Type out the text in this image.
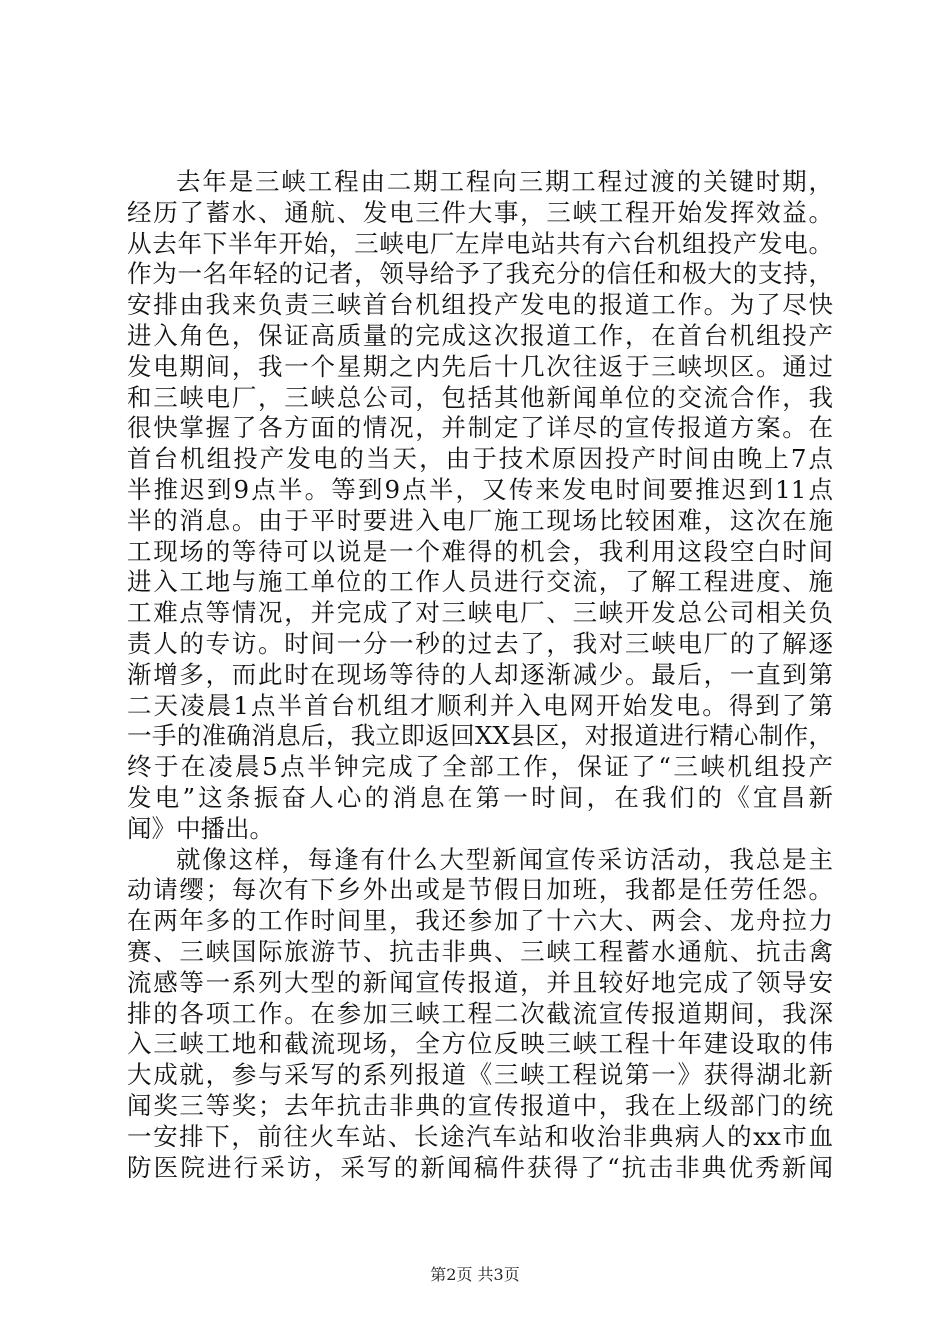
去年是三峡工程由二期工程向三期工程过渡的关键时期，
经历了蓄水、通航、发电三件大事，三峡工程开始发挥效益。
从去年下半年开始，三峡电厂左岸电站共有六台机组投产发电。
作为一名年轻的记者，领导给予了我充分的信任和极大的支持，
安排由我来负责三峡首台机组投产发电的报道工作。为了尽快
进入角色，保证高质量的完成这次报道工作，在首台机组投产
发电期间，我一个星期之内先后十几次往返于三峡坝区。通过
和三峡电厂，三峡总公司，包括其他新闻单位的交流合作，我
很快掌握了各方面的情况，并制定了详尽的宣传报道方案。在
首台机组投产发电的当天，由于技术原因投产时间由晚上7点
半推迟到9点半。等到9点半，又传来发电时间要推迟到11点
半的消息。由于平时要进入电厂施工现场比较困难，这次在施
工现场的等待可以说是一个难得的机会，我利用这段空白时间
进入工地与施工单位的工作人员进行交流，了解工程进度、施
工难点等情况，并完成了对三峡电厂、三峡开发总公司相关负
责人的专访。时间一分一秒的过去了，我对三峡电厂的了解逐
渐增多，而此时在现场等待的人却逐渐减少。最后，一直到第
二天凌晨1点半首台机组才顺利并入电网开始发电。得到了第
一手的准确消息后，我立即返回XX县区，对报道进行精心制作，
终于在凌晨5点半钟完成了全部工作，保证了“三峡机组投产
发电”这条振奋人心的消息在第一时间，在我们的《宜昌新
闻》中播出。
就像这样，每逢有什么大型新闻宣传采访活动，我总是主
动请缨；每次有下乡外出或是节假日加班，我都是任劳任怨。
在两年多的工作时间里，我还参加了十六大、两会、龙舟拉力
赛、三峡国际旅游节、抗击非典、三峡工程蓄水通航、抗击禽
流感等一系列大型的新闻宣传报道，并且较好地完成了领导安
排的各项工作。在参加三峡工程二次截流宣传报道期间，我深
入三峡工地和截流现场，全方位反映三峡工程十年建设取的伟
大成就，参与采写的系列报道《三峡工程说第一》获得湖北新
闻奖三等奖；去年抗击非典的宣传报道中，我在上级部门的统
一安排下，前往火车站、长途汽车站和收治非典病人的xx市血
防医院进行采访，采写的新闻稿件获得了“抗击非典优秀新闻
第2页 共3页
